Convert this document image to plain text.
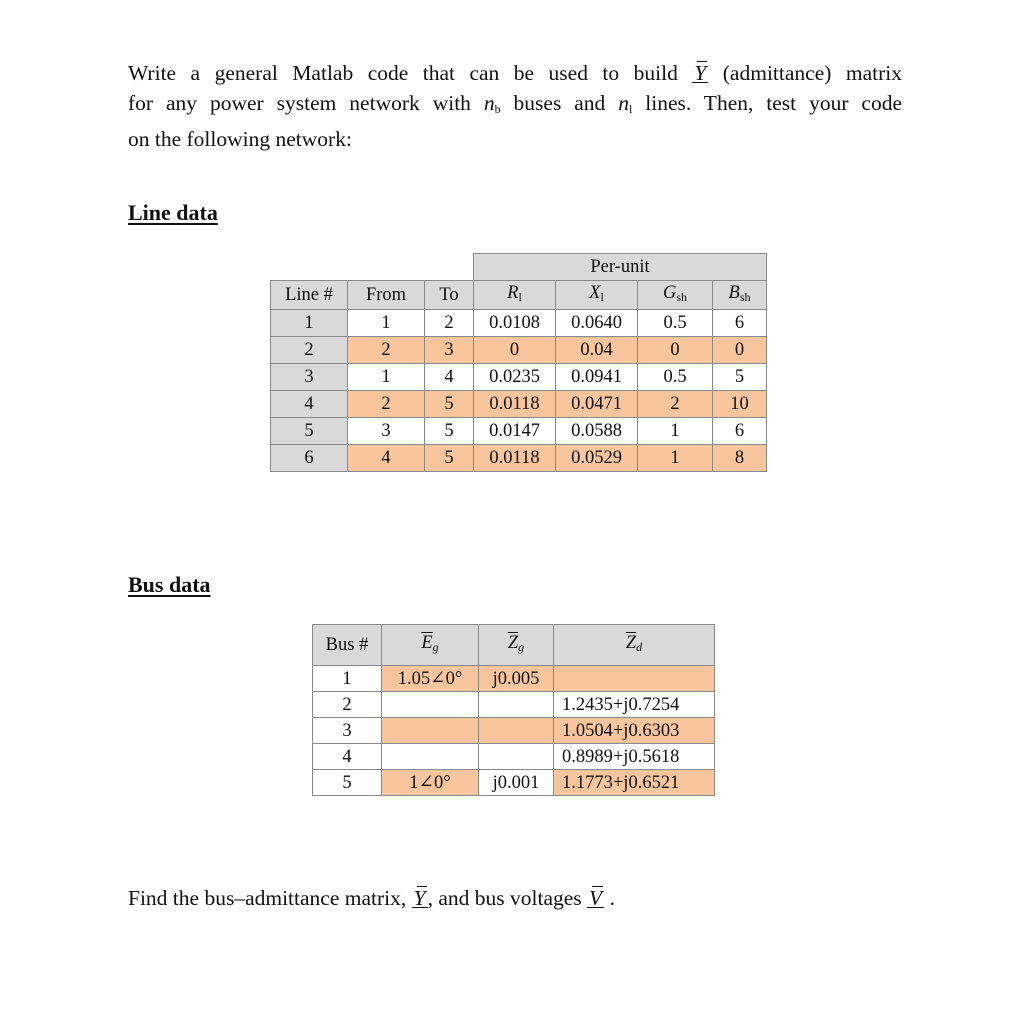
Write a general Matlab code that can be used to build Y (admittance) matrix
for any power system network with $n_b$ buses and $n_l$ lines. Then, test your code
on the following network:
Line data
			Per-unit			
Line #	From	To	$R_l$	$X_l$	$G_{sh}$	$B_{sh}$
1	1	2	0.0108	0.0640	0.5	6
2	2	3	0	0.04	0	0
3	1	4	0.0235	0.0941	0.5	5
4	2	5	0.0118	0.0471	2	10
5	3	5	0.0147	0.0588	1	6
6	4	5	0.0118	0.0529	1	8
Bus data
Bus #	$\overline{E}_g$	$\overline{Z}_g$	$\overline{Z}_d$
1	1.05∠0°	j0.005	
2			1.2435+j0.7254
3			1.0504+j0.6303
4			0.8989+j0.5618
5	1∠0°	j0.001	1.1773+j0.6521
Find the bus–admittance matrix, Y, and bus voltages V .
